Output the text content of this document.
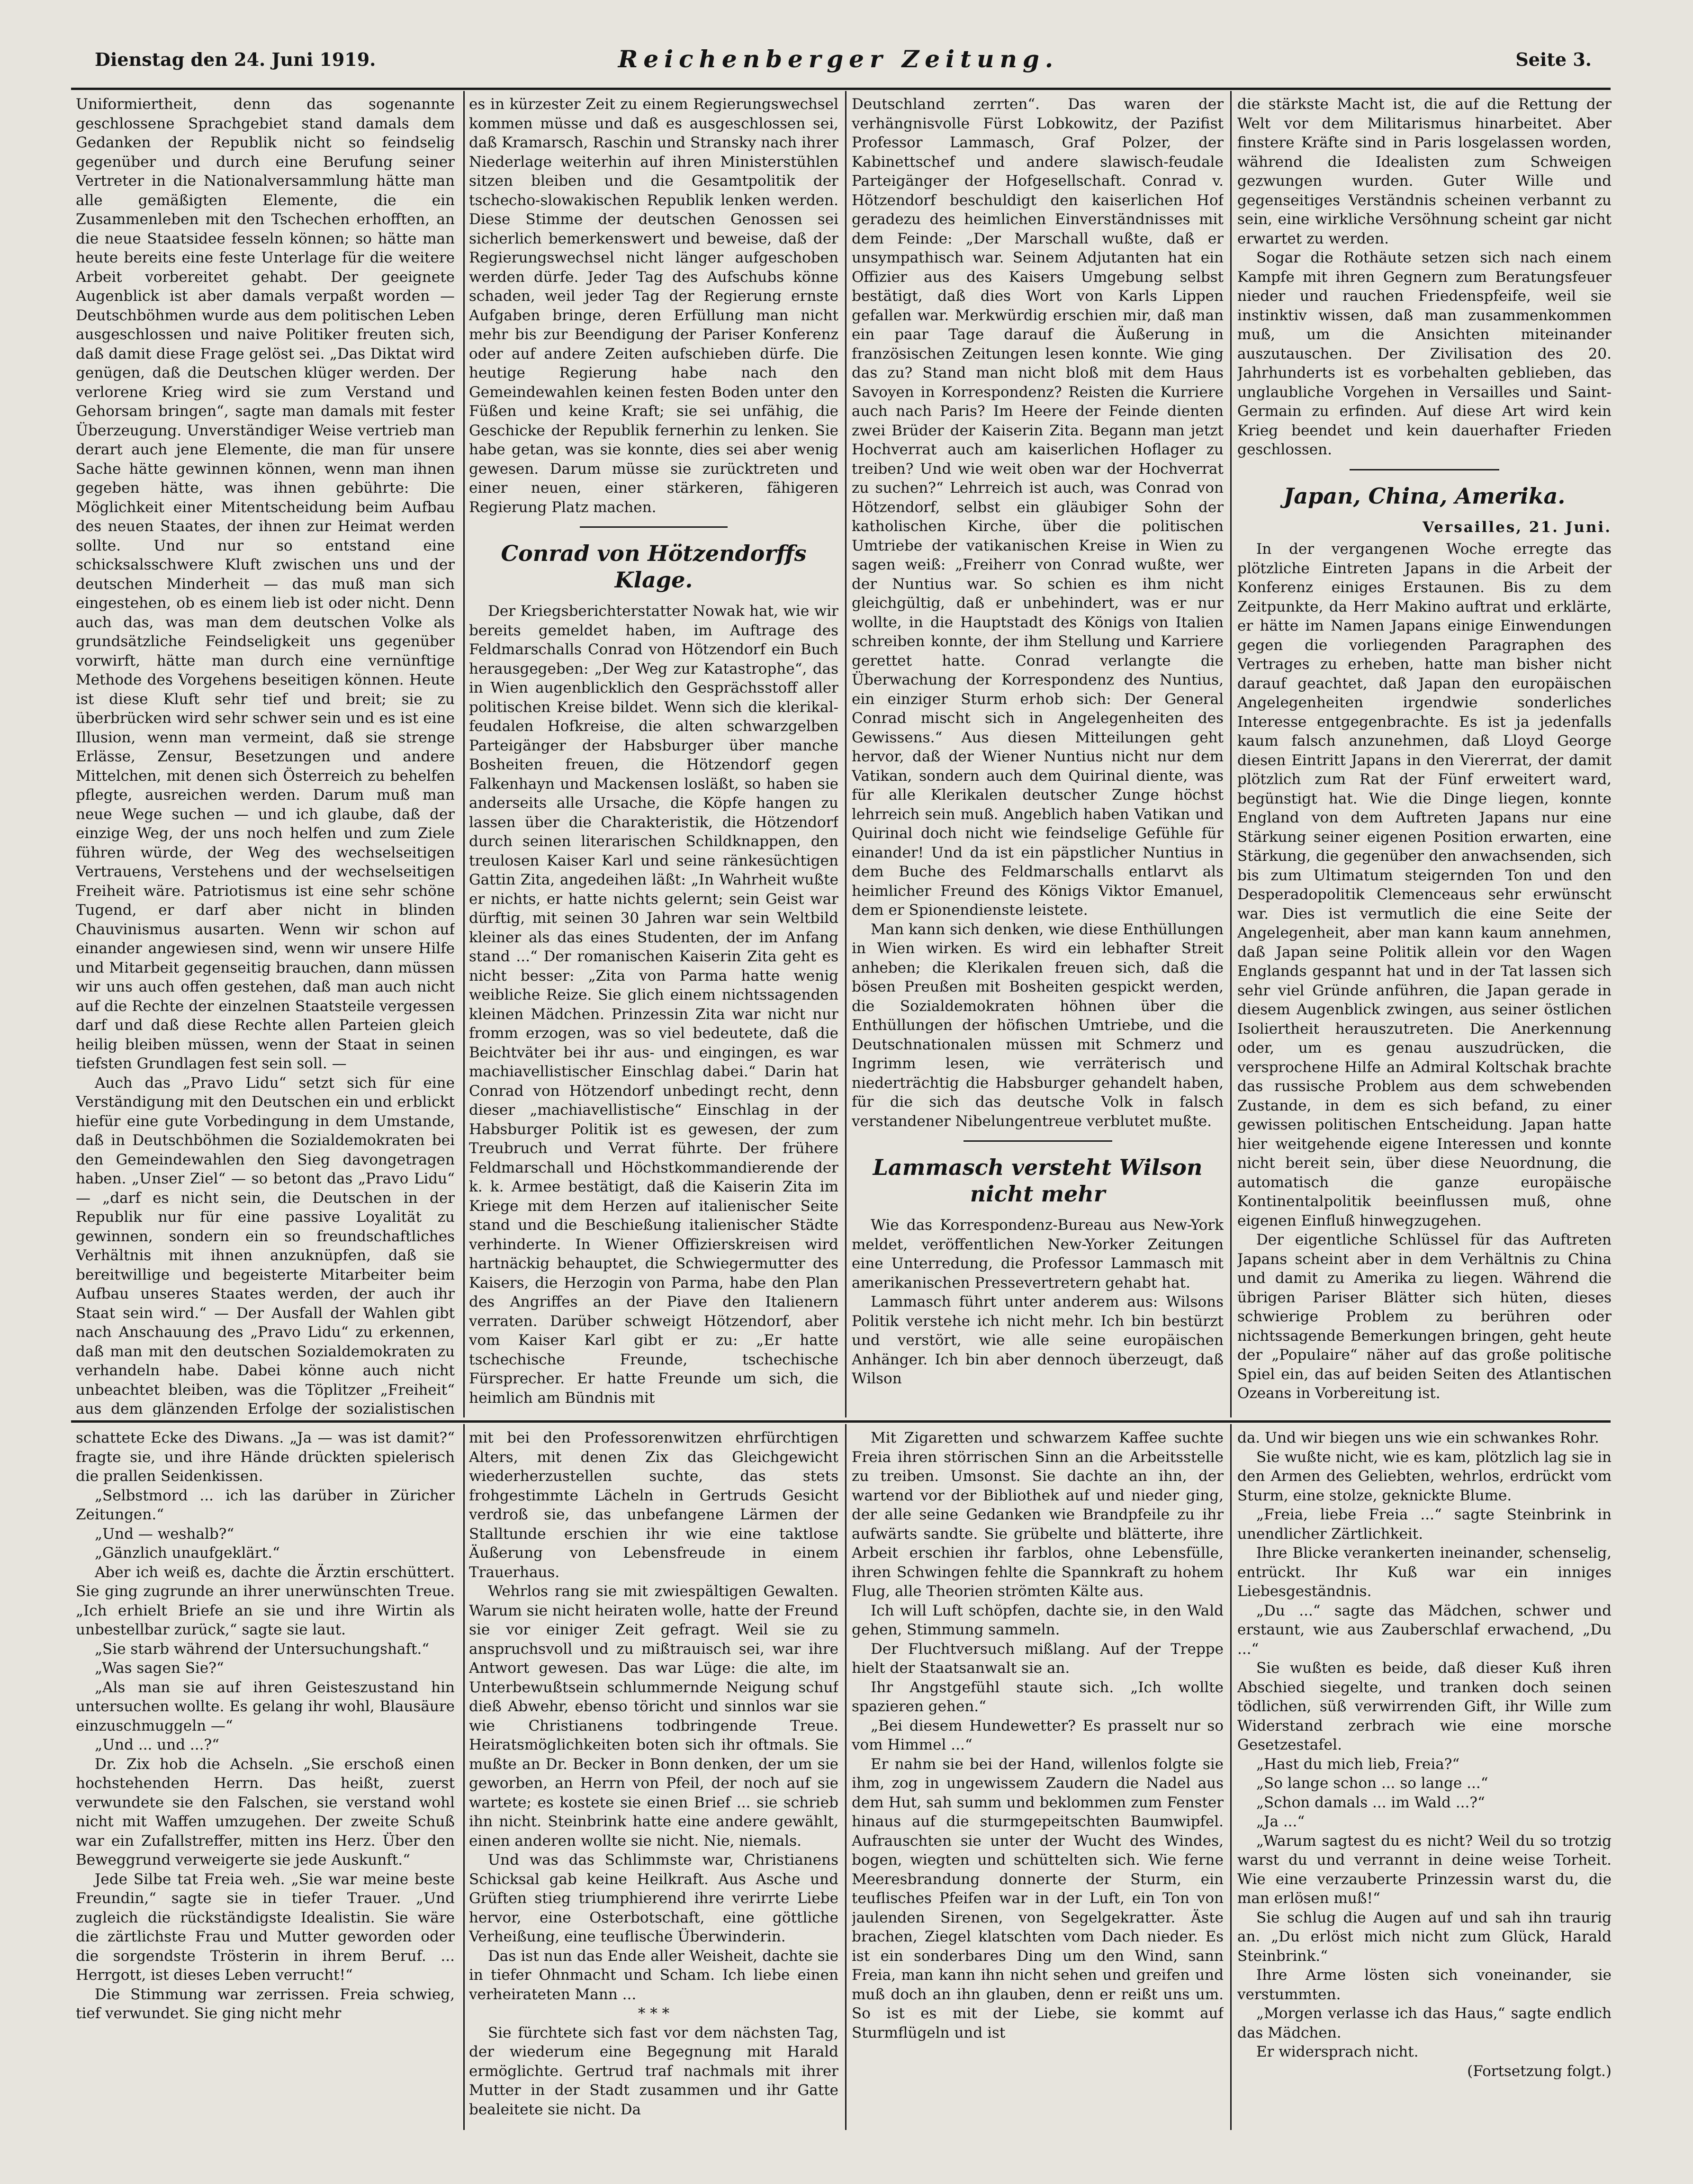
Dienstag den 24. Juni 1919.	Reichenberger Zeitung.	Seite 3.

Uniformiertheit, denn das sogenannte geschlossene Sprachgebiet stand damals dem Gedanken der Republik nicht so feindselig gegenüber und durch eine Berufung seiner Vertreter in die Nationalversammlung hätte man alle gemäßigten Elemente, die ein Zusammenleben mit den Tschechen erhofften, an die neue Staatsidee fesseln können; so hätte man heute bereits eine feste Unterlage für die weitere Arbeit vorbereitet gehabt. Der geeignete Augenblick ist aber damals verpaßt worden — Deutschböhmen wurde aus dem politischen Leben ausgeschlossen und naive Politiker freuten sich, daß damit diese Frage gelöst sei. „Das Diktat wird genügen, daß die Deutschen klüger werden. Der verlorene Krieg wird sie zum Verstand und Gehorsam bringen“, sagte man damals mit fester Überzeugung. Unverständiger Weise vertrieb man derart auch jene Elemente, die man für unsere Sache hätte gewinnen können, wenn man ihnen gegeben hätte, was ihnen gebührte: Die Möglichkeit einer Mitentscheidung beim Aufbau des neuen Staates, der ihnen zur Heimat werden sollte. Und nur so entstand eine schicksalsschwere Kluft zwischen uns und der deutschen Minderheit — das muß man sich eingestehen, ob es einem lieb ist oder nicht. Denn auch das, was man dem deutschen Volke als grundsätzliche Feindseligkeit uns gegenüber vorwirft, hätte man durch eine vernünftige Methode des Vorgehens beseitigen können. Heute ist diese Kluft sehr tief und breit; sie zu überbrücken wird sehr schwer sein und es ist eine Illusion, wenn man vermeint, daß sie strenge Erlässe, Zensur, Besetzungen und andere Mittelchen, mit denen sich Österreich zu behelfen pflegte, ausreichen werden. Darum muß man neue Wege suchen — und ich glaube, daß der einzige Weg, der uns noch helfen und zum Ziele führen würde, der Weg des wechselseitigen Vertrauens, Verstehens und der wechselseitigen Freiheit wäre. Patriotismus ist eine sehr schöne Tugend, er darf aber nicht in blinden Chauvinismus ausarten. Wenn wir schon auf einander angewiesen sind, wenn wir unsere Hilfe und Mitarbeit gegenseitig brauchen, dann müssen wir uns auch offen gestehen, daß man auch nicht auf die Rechte der einzelnen Staatsteile vergessen darf und daß diese Rechte allen Parteien gleich heilig bleiben müssen, wenn der Staat in seinen tiefsten Grundlagen fest sein soll. —

Auch das „Pravo Lidu“ setzt sich für eine Verständigung mit den Deutschen ein und erblickt hiefür eine gute Vorbedingung in dem Umstande, daß in Deutschböhmen die Sozialdemokraten bei den Gemeindewahlen den Sieg davongetragen haben. „Unser Ziel“ — so betont das „Pravo Lidu“ — „darf es nicht sein, die Deutschen in der Republik nur für eine passive Loyalität zu gewinnen, sondern ein so freundschaftliches Verhältnis mit ihnen anzuknüpfen, daß sie bereitwillige und begeisterte Mitarbeiter beim Aufbau unseres Staates werden, der auch ihr Staat sein wird.“ — Der Ausfall der Wahlen gibt nach Anschauung des „Pravo Lidu“ zu erkennen, daß man mit den deutschen Sozialdemokraten zu verhandeln habe. Dabei könne auch nicht unbeachtet bleiben, was die Töplitzer „Freiheit“ aus dem glänzenden Erfolge der sozialistischen

es in kürzester Zeit zu einem Regierungswechsel kommen müsse und daß es ausgeschlossen sei, daß Kramarsch, Raschin und Stransky nach ihrer Niederlage weiterhin auf ihren Ministerstühlen sitzen bleiben und die Gesamtpolitik der tschecho-slowakischen Republik lenken werden. Diese Stimme der deutschen Genossen sei sicherlich bemerkenswert und beweise, daß der Regierungswechsel nicht länger aufgeschoben werden dürfe. Jeder Tag des Aufschubs könne schaden, weil jeder Tag der Regierung ernste Aufgaben bringe, deren Erfüllung man nicht mehr bis zur Beendigung der Pariser Konferenz oder auf andere Zeiten aufschieben dürfe. Die heutige Regierung habe nach den Gemeindewahlen keinen festen Boden unter den Füßen und keine Kraft; sie sei unfähig, die Geschicke der Republik fernerhin zu lenken. Sie habe getan, was sie konnte, dies sei aber wenig gewesen. Darum müsse sie zurücktreten und einer neuen, einer stärkeren, fähigeren Regierung Platz machen.

Conrad von Hötzendorffs Klage.

Der Kriegsberichterstatter Nowak hat, wie wir bereits gemeldet haben, im Auftrage des Feldmarschalls Conrad von Hötzendorf ein Buch herausgegeben: „Der Weg zur Katastrophe“, das in Wien augenblicklich den Gesprächsstoff aller politischen Kreise bildet. Wenn sich die klerikal-feudalen Hofkreise, die alten schwarzgelben Parteigänger der Habsburger über manche Bosheiten freuen, die Hötzendorf gegen Falkenhayn und Mackensen losläßt, so haben sie anderseits alle Ursache, die Köpfe hangen zu lassen über die Charakteristik, die Hötzendorf durch seinen literarischen Schildknappen, den treulosen Kaiser Karl und seine ränkesüchtigen Gattin Zita, angedeihen läßt: „In Wahrheit wußte er nichts, er hatte nichts gelernt; sein Geist war dürftig, mit seinen 30 Jahren war sein Weltbild kleiner als das eines Studenten, der im Anfang stand ...“ Der romanischen Kaiserin Zita geht es nicht besser: „Zita von Parma hatte wenig weibliche Reize. Sie glich einem nichtssagenden kleinen Mädchen. Prinzessin Zita war nicht nur fromm erzogen, was so viel bedeutete, daß die Beichtväter bei ihr aus- und eingingen, es war machiavellistischer Einschlag dabei.“ Darin hat Conrad von Hötzendorf unbedingt recht, denn dieser „machiavellistische“ Einschlag in der Habsburger Politik ist es gewesen, der zum Treubruch und Verrat führte. Der frühere Feldmarschall und Höchstkommandierende der k. k. Armee bestätigt, daß die Kaiserin Zita im Kriege mit dem Herzen auf italienischer Seite stand und die Beschießung italienischer Städte verhinderte. In Wiener Offizierskreisen wird hartnäckig behauptet, die Schwiegermutter des Kaisers, die Herzogin von Parma, habe den Plan des Angriffes an der Piave den Italienern verraten. Darüber schweigt Hötzendorf, aber vom Kaiser Karl gibt er zu: „Er hatte tschechische Freunde, tschechische Fürsprecher. Er hatte Freunde um sich, die heimlich am Bündnis mit

Deutschland zerrten“. Das waren der verhängnisvolle Fürst Lobkowitz, der Pazifist Professor Lammasch, Graf Polzer, der Kabinettschef und andere slawisch-feudale Parteigänger der Hofgesellschaft. Conrad v. Hötzendorf beschuldigt den kaiserlichen Hof geradezu des heimlichen Einverständnisses mit dem Feinde: „Der Marschall wußte, daß er unsympathisch war. Seinem Adjutanten hat ein Offizier aus des Kaisers Umgebung selbst bestätigt, daß dies Wort von Karls Lippen gefallen war. Merkwürdig erschien mir, daß man ein paar Tage darauf die Äußerung in französischen Zeitungen lesen konnte. Wie ging das zu? Stand man nicht bloß mit dem Haus Savoyen in Korrespondenz? Reisten die Kurriere auch nach Paris? Im Heere der Feinde dienten zwei Brüder der Kaiserin Zita. Begann man jetzt Hochverrat auch am kaiserlichen Hoflager zu treiben? Und wie weit oben war der Hochverrat zu suchen?“ Lehrreich ist auch, was Conrad von Hötzendorf, selbst ein gläubiger Sohn der katholischen Kirche, über die politischen Umtriebe der vatikanischen Kreise in Wien zu sagen weiß: „Freiherr von Conrad wußte, wer der Nuntius war. So schien es ihm nicht gleichgültig, daß er unbehindert, was er nur wollte, in die Hauptstadt des Königs von Italien schreiben konnte, der ihm Stellung und Karriere gerettet hatte. Conrad verlangte die Überwachung der Korrespondenz des Nuntius, ein einziger Sturm erhob sich: Der General Conrad mischt sich in Angelegenheiten des Gewissens.“ Aus diesen Mitteilungen geht hervor, daß der Wiener Nuntius nicht nur dem Vatikan, sondern auch dem Quirinal diente, was für alle Klerikalen deutscher Zunge höchst lehrreich sein muß. Angeblich haben Vatikan und Quirinal doch nicht wie feindselige Gefühle für einander! Und da ist ein päpstlicher Nuntius in dem Buche des Feldmarschalls entlarvt als heimlicher Freund des Königs Viktor Emanuel, dem er Spionendienste leistete.

Man kann sich denken, wie diese Enthüllungen in Wien wirken. Es wird ein lebhafter Streit anheben; die Klerikalen freuen sich, daß die bösen Preußen mit Bosheiten gespickt werden, die Sozialdemokraten höhnen über die Enthüllungen der höfischen Umtriebe, und die Deutschnationalen müssen mit Schmerz und Ingrimm lesen, wie verräterisch und niederträchtig die Habsburger gehandelt haben, für die sich das deutsche Volk in falsch verstandener Nibelungentreue verblutet mußte.

Lammasch versteht Wilson nicht mehr

Wie das Korrespondenz-Bureau aus New-York meldet, veröffentlichen New-Yorker Zeitungen eine Unterredung, die Professor Lammasch mit amerikanischen Pressevertretern gehabt hat.

Lammasch führt unter anderem aus: Wilsons Politik verstehe ich nicht mehr. Ich bin bestürzt und verstört, wie alle seine europäischen Anhänger. Ich bin aber dennoch überzeugt, daß Wilson

die stärkste Macht ist, die auf die Rettung der Welt vor dem Militarismus hinarbeitet. Aber finstere Kräfte sind in Paris losgelassen worden, während die Idealisten zum Schweigen gezwungen wurden. Guter Wille und gegenseitiges Verständnis scheinen verbannt zu sein, eine wirkliche Versöhnung scheint gar nicht erwartet zu werden.

Sogar die Rothäute setzen sich nach einem Kampfe mit ihren Gegnern zum Beratungsfeuer nieder und rauchen Friedenspfeife, weil sie instinktiv wissen, daß man zusammenkommen muß, um die Ansichten miteinander auszutauschen. Der Zivilisation des 20. Jahrhunderts ist es vorbehalten geblieben, das unglaubliche Vorgehen in Versailles und Saint-Germain zu erfinden. Auf diese Art wird kein Krieg beendet und kein dauerhafter Frieden geschlossen.

Japan, China, Amerika.
Versailles, 21. Juni.

In der vergangenen Woche erregte das plötzliche Eintreten Japans in die Arbeit der Konferenz einiges Erstaunen. Bis zu dem Zeitpunkte, da Herr Makino auftrat und erklärte, er hätte im Namen Japans einige Einwendungen gegen die vorliegenden Paragraphen des Vertrages zu erheben, hatte man bisher nicht darauf geachtet, daß Japan den europäischen Angelegenheiten irgendwie sonderliches Interesse entgegenbrachte. Es ist ja jedenfalls kaum falsch anzunehmen, daß Lloyd George diesen Eintritt Japans in den Viererrat, der damit plötzlich zum Rat der Fünf erweitert ward, begünstigt hat. Wie die Dinge liegen, konnte England von dem Auftreten Japans nur eine Stärkung seiner eigenen Position erwarten, eine Stärkung, die gegenüber den anwachsenden, sich bis zum Ultimatum steigernden Ton und den Desperadopolitik Clemenceaus sehr erwünscht war. Dies ist vermutlich die eine Seite der Angelegenheit, aber man kann kaum annehmen, daß Japan seine Politik allein vor den Wagen Englands gespannt hat und in der Tat lassen sich sehr viel Gründe anführen, die Japan gerade in diesem Augenblick zwingen, aus seiner östlichen Isoliertheit herauszutreten. Die Anerkennung oder, um es genau auszudrücken, die versprochene Hilfe an Admiral Koltschak brachte das russische Problem aus dem schwebenden Zustande, in dem es sich befand, zu einer gewissen politischen Entscheidung. Japan hatte hier weitgehende eigene Interessen und konnte nicht bereit sein, über diese Neuordnung, die automatisch die ganze europäische Kontinentalpolitik beeinflussen muß, ohne eigenen Einfluß hinwegzugehen.

Der eigentliche Schlüssel für das Auftreten Japans scheint aber in dem Verhältnis zu China und damit zu Amerika zu liegen. Während die übrigen Pariser Blätter sich hüten, dieses schwierige Problem zu berühren oder nichtssagende Bemerkungen bringen, geht heute der „Populaire“ näher auf das große politische Spiel ein, das auf beiden Seiten des Atlantischen Ozeans in Vorbereitung ist.

schattete Ecke des Diwans. „Ja — was ist damit?“ fragte sie, und ihre Hände drückten spielerisch die prallen Seidenkissen.

„Selbstmord ... ich las darüber in Züricher Zeitungen.“

„Und — weshalb?“

„Gänzlich unaufgeklärt.“

Aber ich weiß es, dachte die Ärztin erschüttert. Sie ging zugrunde an ihrer unerwünschten Treue. „Ich erhielt Briefe an sie und ihre Wirtin als unbestellbar zurück,“ sagte sie laut.

„Sie starb während der Untersuchungshaft.“

„Was sagen Sie?“

„Als man sie auf ihren Geisteszustand hin untersuchen wollte. Es gelang ihr wohl, Blausäure einzuschmuggeln —“

„Und ... und ...?“

Dr. Zix hob die Achseln. „Sie erschoß einen hochstehenden Herrn. Das heißt, zuerst verwundete sie den Falschen, sie verstand wohl nicht mit Waffen umzugehen. Der zweite Schuß war ein Zufallstreffer, mitten ins Herz. Über den Beweggrund verweigerte sie jede Auskunft.“

Jede Silbe tat Freia weh. „Sie war meine beste Freundin,“ sagte sie in tiefer Trauer. „Und zugleich die rückständigste Idealistin. Sie wäre die zärtlichste Frau und Mutter geworden oder die sorgendste Trösterin in ihrem Beruf. ... Herrgott, ist dieses Leben verrucht!“

Die Stimmung war zerrissen. Freia schwieg, tief verwundet. Sie ging nicht mehr

mit bei den Professorenwitzen ehrfürchtigen Alters, mit denen Zix das Gleichgewicht wiederherzustellen suchte, das stets frohgestimmte Lächeln in Gertruds Gesicht verdroß sie, das unbefangene Lärmen der Stalltunde erschien ihr wie eine taktlose Äußerung von Lebensfreude in einem Trauerhaus.

Wehrlos rang sie mit zwiespältigen Gewalten. Warum sie nicht heiraten wolle, hatte der Freund sie vor einiger Zeit gefragt. Weil sie zu anspruchsvoll und zu mißtrauisch sei, war ihre Antwort gewesen. Das war Lüge: die alte, im Unterbewußtsein schlummernde Neigung schuf dieß Abwehr, ebenso töricht und sinnlos war sie wie Christianens todbringende Treue. Heiratsmöglichkeiten boten sich ihr oftmals. Sie mußte an Dr. Becker in Bonn denken, der um sie geworben, an Herrn von Pfeil, der noch auf sie wartete; es kostete sie einen Brief ... sie schrieb ihn nicht. Steinbrink hatte eine andere gewählt, einen anderen wollte sie nicht. Nie, niemals.

Und was das Schlimmste war, Christianens Schicksal gab keine Heilkraft. Aus Asche und Grüften stieg triumphierend ihre verirrte Liebe hervor, eine Osterbotschaft, eine göttliche Verheißung, eine teuflische Überwinderin.

Das ist nun das Ende aller Weisheit, dachte sie in tiefer Ohnmacht und Scham. Ich liebe einen verheirateten Mann ...

* * *

Sie fürchtete sich fast vor dem nächsten Tag, der wiederum eine Begegnung mit Harald ermöglichte. Gertrud traf nachmals mit ihrer Mutter in der Stadt zusammen und ihr Gatte bealeitete sie nicht. Da

Mit Zigaretten und schwarzem Kaffee suchte Freia ihren störrischen Sinn an die Arbeitsstelle zu treiben. Umsonst. Sie dachte an ihn, der wartend vor der Bibliothek auf und nieder ging, der alle seine Gedanken wie Brandpfeile zu ihr aufwärts sandte. Sie grübelte und blätterte, ihre Arbeit erschien ihr farblos, ohne Lebensfülle, ihren Schwingen fehlte die Spannkraft zu hohem Flug, alle Theorien strömten Kälte aus.

Ich will Luft schöpfen, dachte sie, in den Wald gehen, Stimmung sammeln.

Der Fluchtversuch mißlang. Auf der Treppe hielt der Staatsanwalt sie an.

Ihr Angstgefühl staute sich. „Ich wollte spazieren gehen.“

„Bei diesem Hundewetter? Es prasselt nur so vom Himmel ...“

Er nahm sie bei der Hand, willenlos folgte sie ihm, zog in ungewissem Zaudern die Nadel aus dem Hut, sah summ und beklommen zum Fenster hinaus auf die sturmgepeitschten Baumwipfel. Aufrauschten sie unter der Wucht des Windes, bogen, wiegten und schüttelten sich. Wie ferne Meeresbrandung donnerte der Sturm, ein teuflisches Pfeifen war in der Luft, ein Ton von jaulenden Sirenen, von Segelgekratter. Äste brachen, Ziegel klatschten vom Dach nieder. Es ist ein sonderbares Ding um den Wind, sann Freia, man kann ihn nicht sehen und greifen und muß doch an ihn glauben, denn er reißt uns um. So ist es mit der Liebe, sie kommt auf Sturmflügeln und ist

da. Und wir biegen uns wie ein schwankes Rohr.

Sie wußte nicht, wie es kam, plötzlich lag sie in den Armen des Geliebten, wehrlos, erdrückt vom Sturm, eine stolze, geknickte Blume.

„Freia, liebe Freia ...“ sagte Steinbrink in unendlicher Zärtlichkeit.

Ihre Blicke verankerten ineinander, schenselig, entrückt. Ihr Kuß war ein inniges Liebesgeständnis.

„Du ...“ sagte das Mädchen, schwer und erstaunt, wie aus Zauberschlaf erwachend, „Du ...“

Sie wußten es beide, daß dieser Kuß ihren Abschied siegelte, und tranken doch seinen tödlichen, süß verwirrenden Gift, ihr Wille zum Widerstand zerbrach wie eine morsche Gesetzestafel.

„Hast du mich lieb, Freia?“

„So lange schon ... so lange ...“

„Schon damals ... im Wald ...?“

„Ja ...“

„Warum sagtest du es nicht? Weil du so trotzig warst du und verrannt in deine weise Torheit. Wie eine verzauberte Prinzessin warst du, die man erlösen muß!“

Sie schlug die Augen auf und sah ihn traurig an. „Du erlöst mich nicht zum Glück, Harald Steinbrink.“

Ihre Arme lösten sich voneinander, sie verstummten.

„Morgen verlasse ich das Haus,“ sagte endlich das Mädchen.

Er widersprach nicht.

(Fortsetzung folgt.)
